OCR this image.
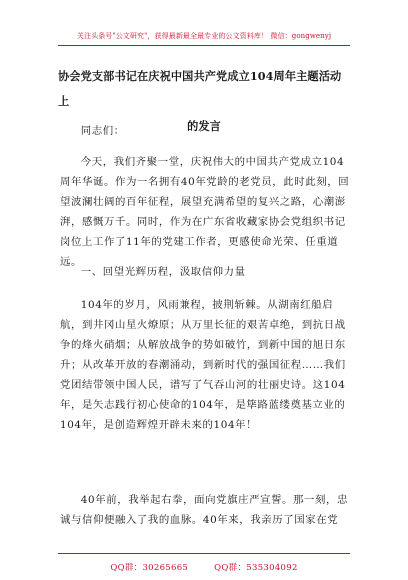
关注头条号"公文研究"，获得最新最全最专业的公文资料库！ 微信：gongwenyj
协会党支部书记在庆祝中国共产党成立104周年主题活动上
的发言

同志们：

今天，我们齐聚一堂，庆祝伟大的中国共产党成立104周年华诞。作为一名拥有40年党龄的老党员，此时此刻，回望波澜壮阔的百年征程，展望充满希望的复兴之路，心潮澎湃，感慨万千。同时，作为在广东省收藏家协会党组织书记岗位上工作了11年的党建工作者，更感使命光荣、任重道远。

一、回望光辉历程，汲取信仰力量

104年的岁月，风雨兼程，披荆斩棘。从湖南红船启航，到井冈山星火燎原；从万里长征的艰苦卓绝，到抗日战争的烽火硝烟；从解放战争的势如破竹，到新中国的旭日东升；从改革开放的春潮涌动，到新时代的强国征程……我们党团结带领中国人民，谱写了气吞山河的壮丽史诗。这104年，是矢志践行初心使命的104年，是筚路蓝缕奠基立业的104年，是创造辉煌开辟未来的104年！

40年前，我举起右拳，面向党旗庄严宣誓。那一刻，忠诚与信仰便融入了我的血脉。40年来，我亲历了国家在党

QQ群：30265665	QQ群：535304092
